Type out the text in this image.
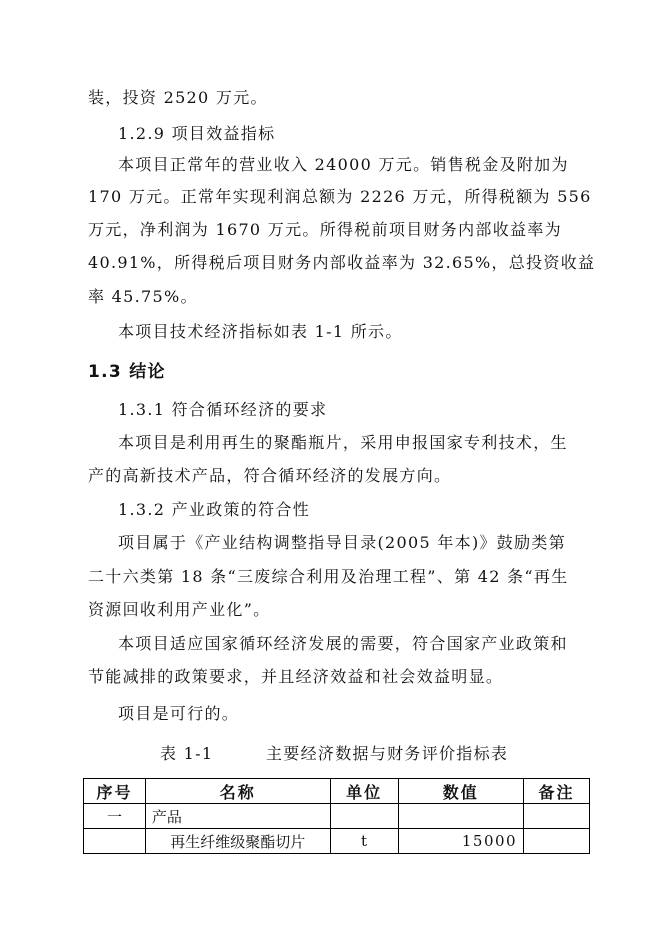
装，投资 2520 万元。
1.2.9 项目效益指标
本项目正常年的营业收入 24000 万元。销售税金及附加为
170 万元。正常年实现利润总额为 2226 万元，所得税额为 556
万元，净利润为 1670 万元。所得税前项目财务内部收益率为
40.91%，所得税后项目财务内部收益率为 32.65%，总投资收益
率 45.75%。
本项目技术经济指标如表 1-1 所示。
1.3 结论
1.3.1 符合循环经济的要求
本项目是利用再生的聚酯瓶片，采用申报国家专利技术，生
产的高新技术产品，符合循环经济的发展方向。
1.3.2 产业政策的符合性
项目属于《产业结构调整指导目录(2005 年本)》鼓励类第
二十六类第 18 条“三废综合利用及治理工程”、第 42 条“再生
资源回收利用产业化”。
本项目适应国家循环经济发展的需要，符合国家产业政策和
节能减排的政策要求，并且经济效益和社会效益明显。
项目是可行的。
表 1-1	主要经济数据与财务评价指标表
序号	名称	单位	数值	备注
一	产品			
	再生纤维级聚酯切片	t	15000	
